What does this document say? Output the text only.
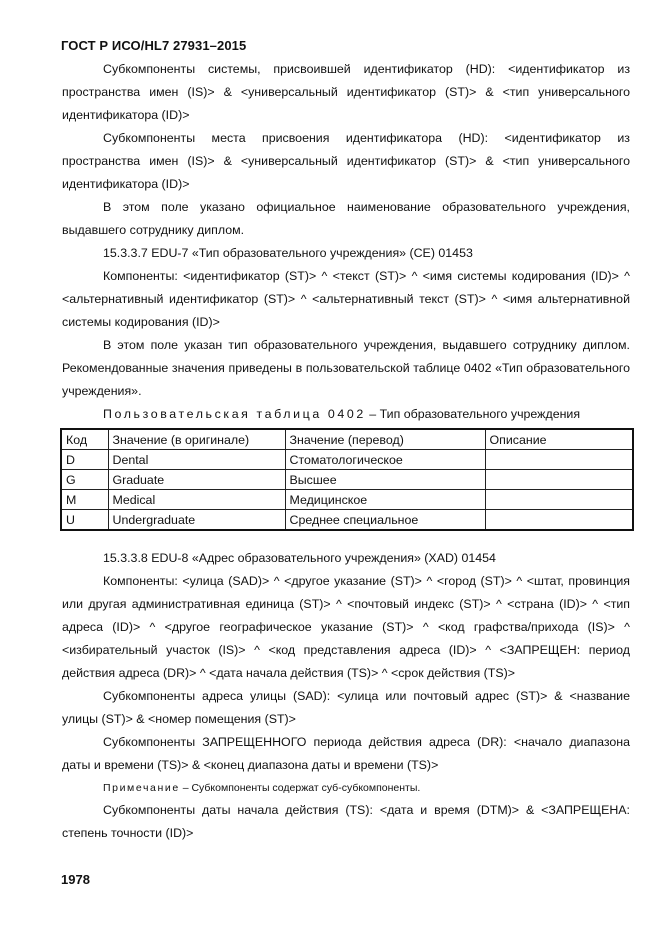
ГОСТ Р ИСО/HL7 27931–2015

Субкомпоненты системы, присвоившей идентификатор (HD): <идентификатор из пространства имен (IS)> & <универсальный идентификатор (ST)> & <тип универсального идентификатора (ID)>

Субкомпоненты места присвоения идентификатора (HD): <идентификатор из пространства имен (IS)> & <универсальный идентификатор (ST)> & <тип универсального идентификатора (ID)>

В этом поле указано официальное наименование образовательного учреждения, выдавшего сотруднику диплом.

15.3.3.7 EDU-7 «Тип образовательного учреждения» (CE) 01453

Компоненты: <идентификатор (ST)> ^ <текст (ST)> ^ <имя системы кодирования (ID)> ^ <альтернативный идентификатор (ST)> ^ <альтернативный текст (ST)> ^ <имя альтернативной системы кодирования (ID)>

В этом поле указан тип образовательного учреждения, выдавшего сотруднику диплом. Рекомендованные значения приведены в пользовательской таблице 0402 «Тип образовательного учреждения».

Пользовательская таблица 0402 – Тип образовательного учреждения

Код	Значение (в оригинале)	Значение (перевод)	Описание
D	Dental	Стоматологическое	
G	Graduate	Высшее	
M	Medical	Медицинское	
U	Undergraduate	Среднее специальное	

15.3.3.8 EDU-8 «Адрес образовательного учреждения» (XAD) 01454

Компоненты: <улица (SAD)> ^ <другое указание (ST)> ^ <город (ST)> ^ <штат, провинция или другая административная единица (ST)> ^ <почтовый индекс (ST)> ^ <страна (ID)> ^ <тип адреса (ID)> ^ <другое географическое указание (ST)> ^ <код графства/прихода (IS)> ^ <избирательный участок (IS)> ^ <код представления адреса (ID)> ^ <ЗАПРЕЩЕН: период действия адреса (DR)> ^ <дата начала действия (TS)> ^ <срок действия (TS)>

Субкомпоненты адреса улицы (SAD): <улица или почтовый адрес (ST)> & <название улицы (ST)> & <номер помещения (ST)>

Субкомпоненты ЗАПРЕЩЕННОГО периода действия адреса (DR): <начало диапазона даты и времени (TS)> & <конец диапазона даты и времени (TS)>

Примечание – Субкомпоненты содержат суб-субкомпоненты.

Субкомпоненты даты начала действия (TS): <дата и время (DTM)> & <ЗАПРЕЩЕНА: степень точности (ID)>

1978
